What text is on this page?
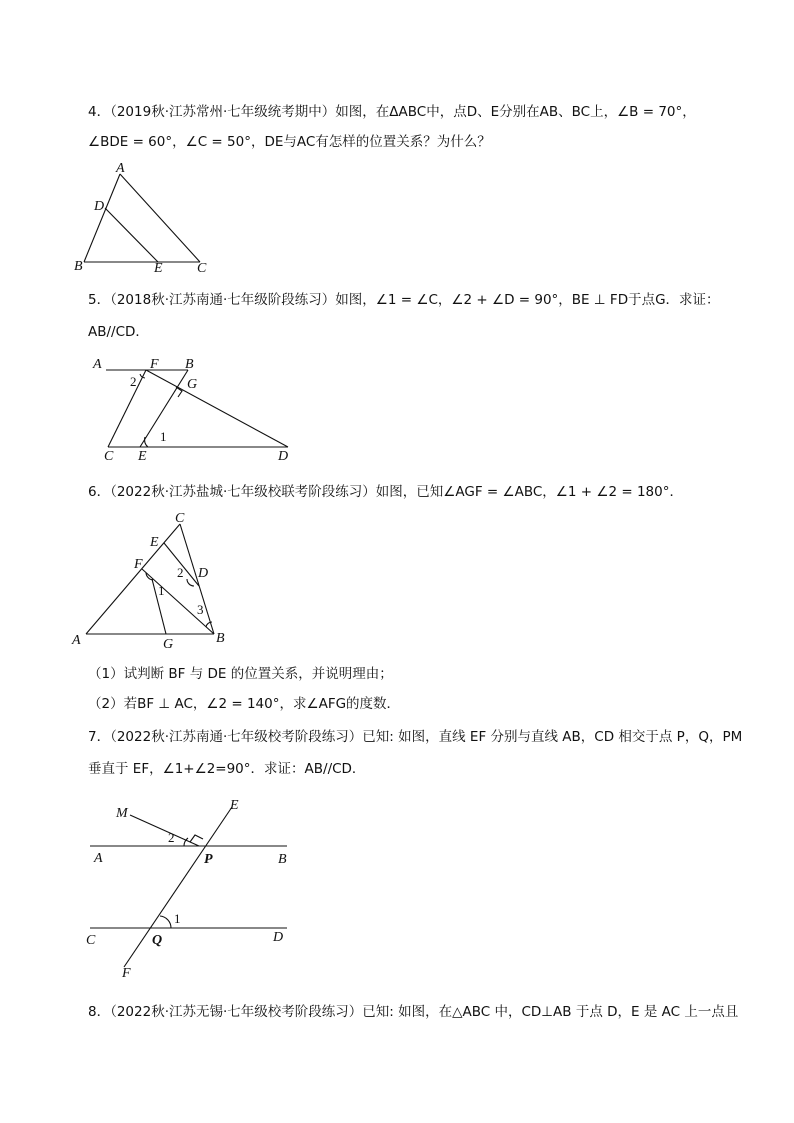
4．（2019秋·江苏常州·七年级统考期中）如图，在ΔABC中，点D、E分别在AB、BC上，∠B = 70°，
∠BDE = 60°，∠C = 50°，DE与AC有怎样的位置关系？为什么？
A
D
B	E C
5．（2018秋·江苏南通·七年级阶段练习）如图，∠1 = ∠C，∠2 + ∠D = 90°，BE ⊥ FD于点G．求证：
AB//CD．
A	F B
2	G
1
C E	D
6．（2022秋·江苏盐城·七年级校联考阶段练习）如图，已知∠AGF = ∠ABC，∠1 + ∠2 = 180°．
C
E
F
2 D
1
3
A	G	B
（1）试判断 BF 与 DE 的位置关系，并说明理由；
（2）若BF ⊥ AC，∠2 = 140°，求∠AFG的度数．
7．（2022秋·江苏南通·七年级校考阶段练习）已知: 如图，直线 EF 分别与直线 AB，CD 相交于点 P，Q，PM
垂直于 EF，∠1+∠2=90°．求证：AB//CD．
M
E
2
A	P	B
1
C	Q	D
F
8．（2022秋·江苏无锡·七年级校考阶段练习）已知: 如图，在△ABC 中，CD⊥AB 于点 D，E 是 AC 上一点且
